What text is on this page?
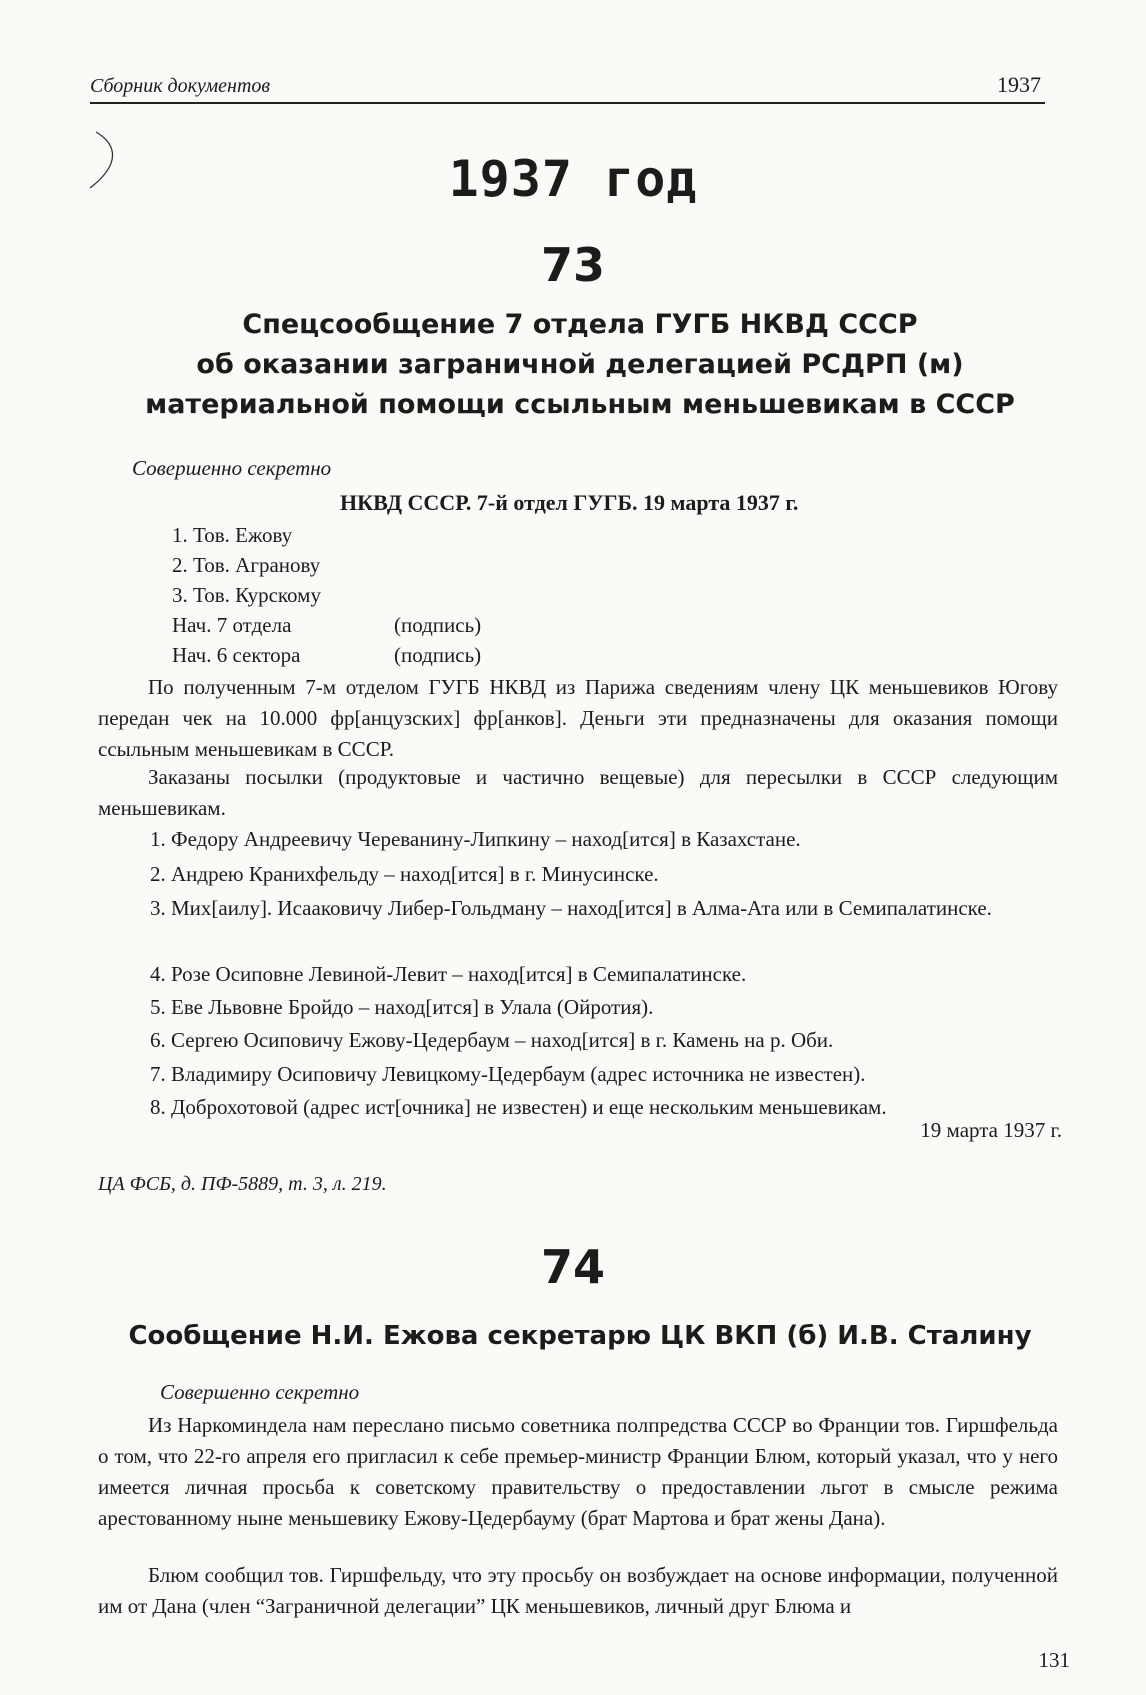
Сборник документов	1937
1937 год
73
Спецсообщение 7 отдела ГУГБ НКВД СССР
об оказании заграничной делегацией РСДРП (м)
материальной помощи ссыльным меньшевикам в СССР
Совершенно секретно
НКВД СССР. 7-й отдел ГУГБ. 19 марта 1937 г.
1. Тов. Ежову
2. Тов. Агранову
3. Тов. Курскому
Нач. 7 отдела	(подпись)
Нач. 6 сектора	(подпись)
По полученным 7-м отделом ГУГБ НКВД из Парижа сведениям члену ЦК меньшевиков Югову передан чек на 10.000 фр[анцузских] фр[анков]. Деньги эти предназначены для оказания помощи ссыльным меньшевикам в СССР.
Заказаны посылки (продуктовые и частично вещевые) для пересылки в СССР следующим меньшевикам.
1. Федору Андреевичу Череванину-Липкину – наход[ится] в Казахстане.
2. Андрею Кранихфельду – наход[ится] в г. Минусинске.
3. Мих[аилу]. Исааковичу Либер-Гольдману – наход[ится] в Алма-Ата или в Семипалатинске.
4. Розе Осиповне Левиной-Левит – наход[ится] в Семипалатинске.
5. Еве Львовне Бройдо – наход[ится] в Улала (Ойротия).
6. Сергею Осиповичу Ежову-Цедербаум – наход[ится] в г. Камень на р. Оби.
7. Владимиру Осиповичу Левицкому-Цедербаум (адрес источника не известен).
8. Доброхотовой (адрес ист[очника] не известен) и еще нескольким меньшевикам.
19 марта 1937 г.
ЦА ФСБ, д. ПФ-5889, т. 3, л. 219.
74
Сообщение Н.И. Ежова секретарю ЦК ВКП (б) И.В. Сталину
Совершенно секретно
Из Наркоминдела нам переслано письмо советника полпредства СССР во Франции тов. Гиршфельда о том, что 22-го апреля его пригласил к себе премьер-министр Франции Блюм, который указал, что у него имеется личная просьба к советскому правительству о предоставлении льгот в смысле режима арестованному ныне меньшевику Ежову-Цедербауму (брат Мартова и брат жены Дана).
Блюм сообщил тов. Гиршфельду, что эту просьбу он возбуждает на основе информации, полученной им от Дана (член “Заграничной делегации” ЦК меньшевиков, личный друг Блюма и
131
